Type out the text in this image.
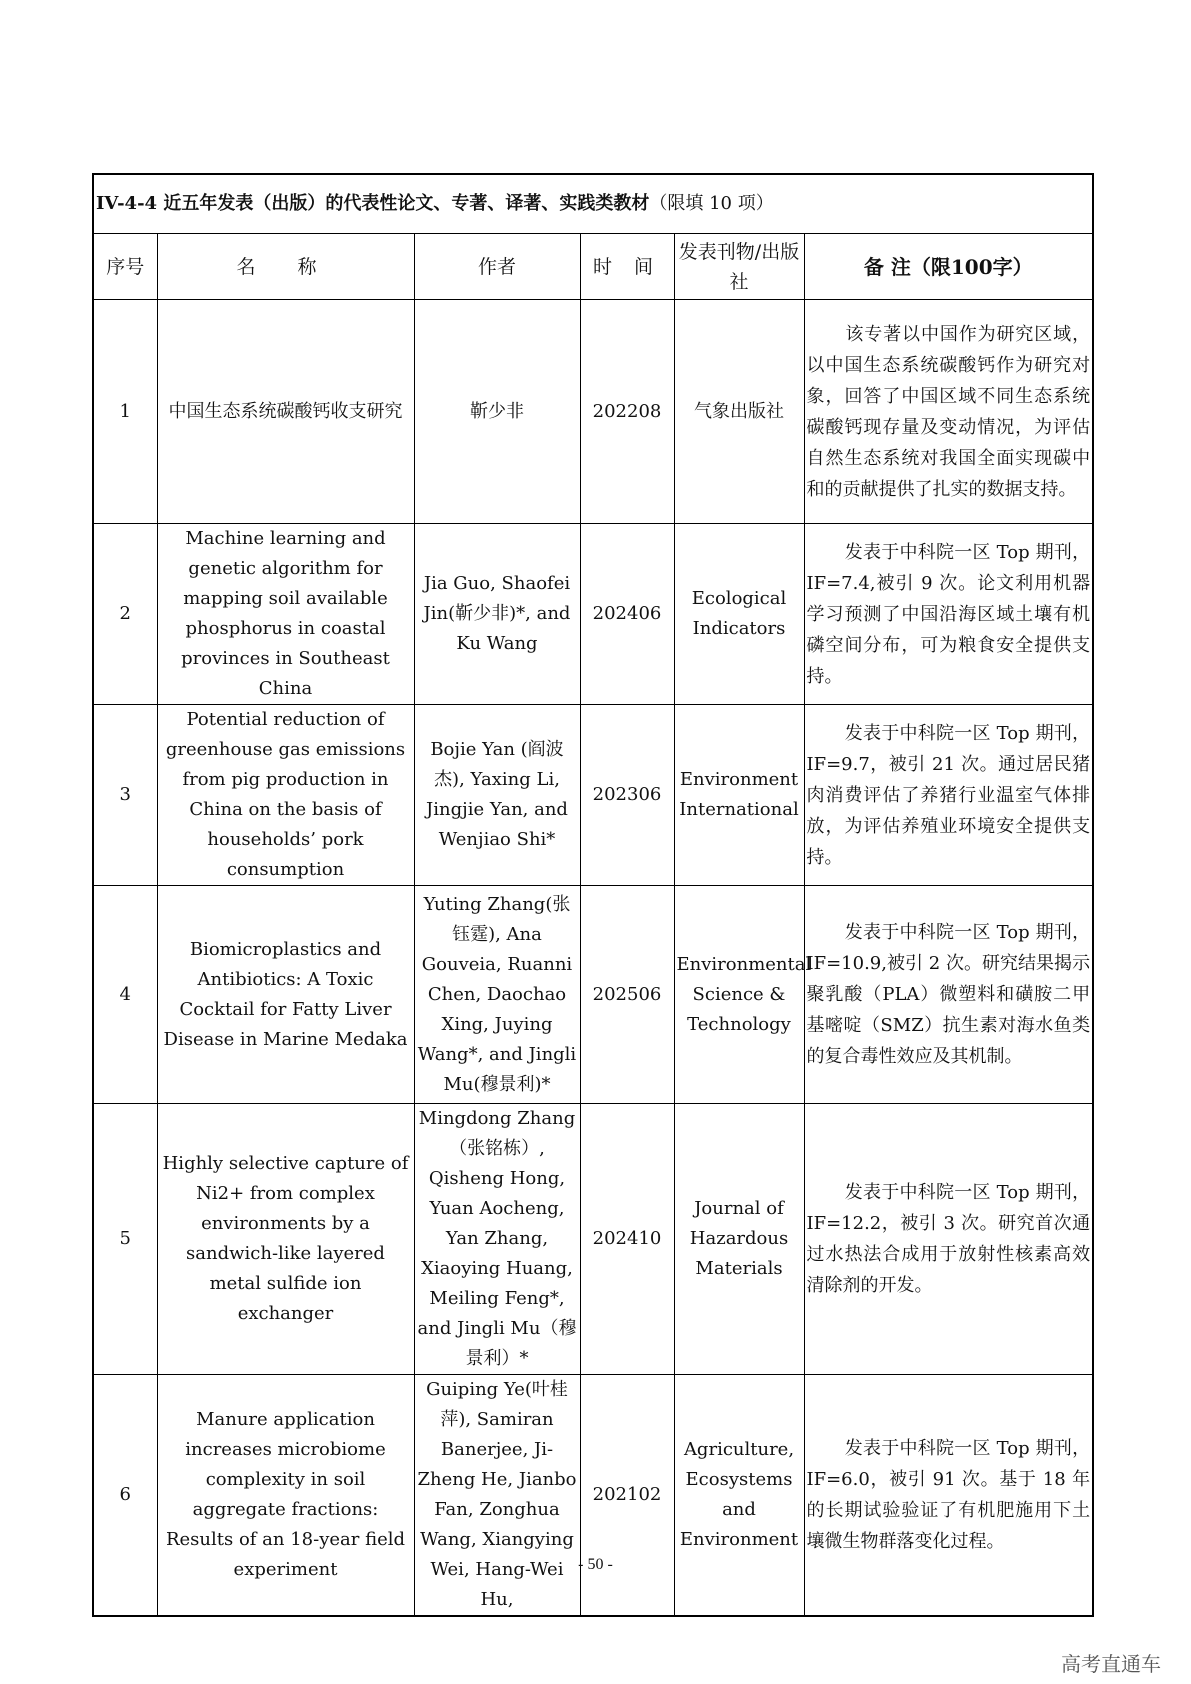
IV-4-4 近五年发表（出版）的代表性论文、专著、译著、实践类教材（限填 10 项）					
序号	名 称	作者	时 间	发表刊物/出版社	备 注（限100字）
1	中国生态系统碳酸钙收支研究	靳少非	202208	气象出版社	该专著以中国作为研究区域，以中国生态系统碳酸钙作为研究对象，回答了中国区域不同生态系统碳酸钙现存量及变动情况，为评估自然生态系统对我国全面实现碳中和的贡献提供了扎实的数据支持。
2	Machine learning and genetic algorithm for mapping soil available phosphorus in coastal provinces in Southeast China	Jia Guo, Shaofei Jin(靳少非)*, and Ku Wang	202406	Ecological Indicators	发表于中科院一区 Top 期刊，IF=7.4,被引 9 次。论文利用机器学习预测了中国沿海区域土壤有机磷空间分布，可为粮食安全提供支持。
3	Potential reduction of greenhouse gas emissions from pig production in China on the basis of households’ pork consumption	Bojie Yan (阎波杰), Yaxing Li, Jingjie Yan, and Wenjiao Shi*	202306	Environment International	发表于中科院一区 Top 期刊，IF=9.7，被引 21 次。通过居民猪肉消费评估了养猪行业温室气体排放，为评估养殖业环境安全提供支持。
4	Biomicroplastics and Antibiotics: A Toxic Cocktail for Fatty Liver Disease in Marine Medaka	Yuting Zhang(张钰霆), Ana Gouveia, Ruanni Chen, Daochao Xing, Juying Wang*, and Jingli Mu(穆景利)*	202506	Environmental Science & Technology	发表于中科院一区 Top 期刊，IF=10.9,被引 2 次。研究结果揭示聚乳酸（PLA）微塑料和磺胺二甲基嘧啶（SMZ）抗生素对海水鱼类的复合毒性效应及其机制。
5	Highly selective capture of Ni2+ from complex environments by a sandwich-like layered metal sulfide ion exchanger	Mingdong Zhang（张铭栋）, Qisheng Hong, Yuan Aocheng, Yan Zhang, Xiaoying Huang, Meiling Feng*, and Jingli Mu（穆景利）*	202410	Journal of Hazardous Materials	发表于中科院一区 Top 期刊，IF=12.2，被引 3 次。研究首次通过水热法合成用于放射性核素高效清除剂的开发。
6	Manure application increases microbiome complexity in soil aggregate fractions: Results of an 18-year field experiment	Guiping Ye(叶桂萍), Samiran Banerjee, Ji-Zheng He, Jianbo Fan, Zonghua Wang, Xiangying Wei, Hang-Wei Hu,	202102	Agriculture, Ecosystems and Environment	发表于中科院一区 Top 期刊，IF=6.0，被引 91 次。基于 18 年的长期试验验证了有机肥施用下土壤微生物群落变化过程。
- 50 -
高考直通车
